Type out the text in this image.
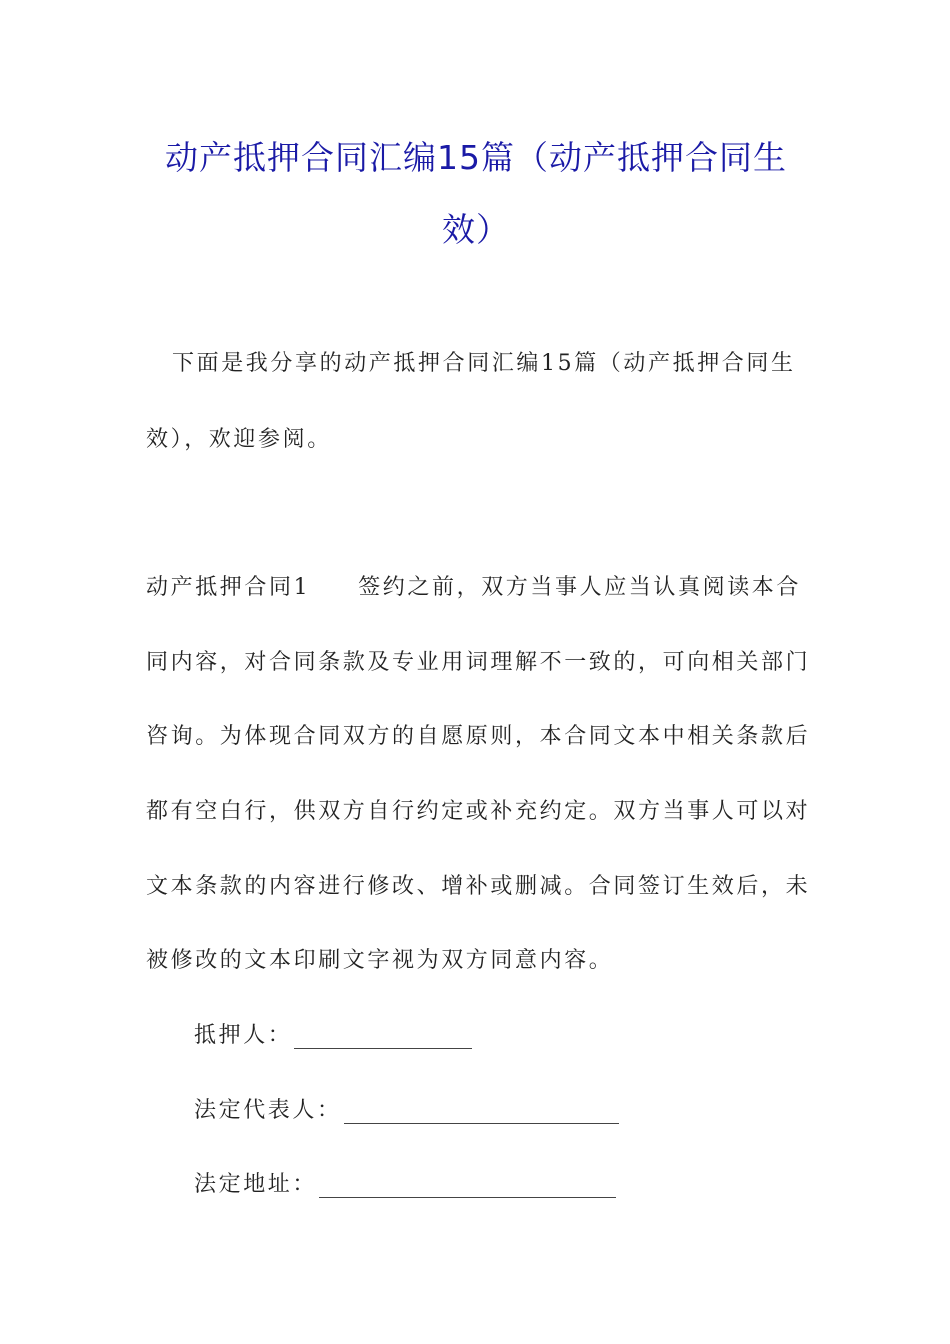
动产抵押合同汇编15篇（动产抵押合同生
效）

下面是我分享的动产抵押合同汇编15篇（动产抵押合同生

效），欢迎参阅。

动产抵押合同1 签约之前，双方当事人应当认真阅读本合

同内容，对合同条款及专业用词理解不一致的，可向相关部门

咨询。为体现合同双方的自愿原则，本合同文本中相关条款后

都有空白行，供双方自行约定或补充约定。双方当事人可以对

文本条款的内容进行修改、增补或删减。合同签订生效后，未

被修改的文本印刷文字视为双方同意内容。

抵押人：
法定代表人：
法定地址：
